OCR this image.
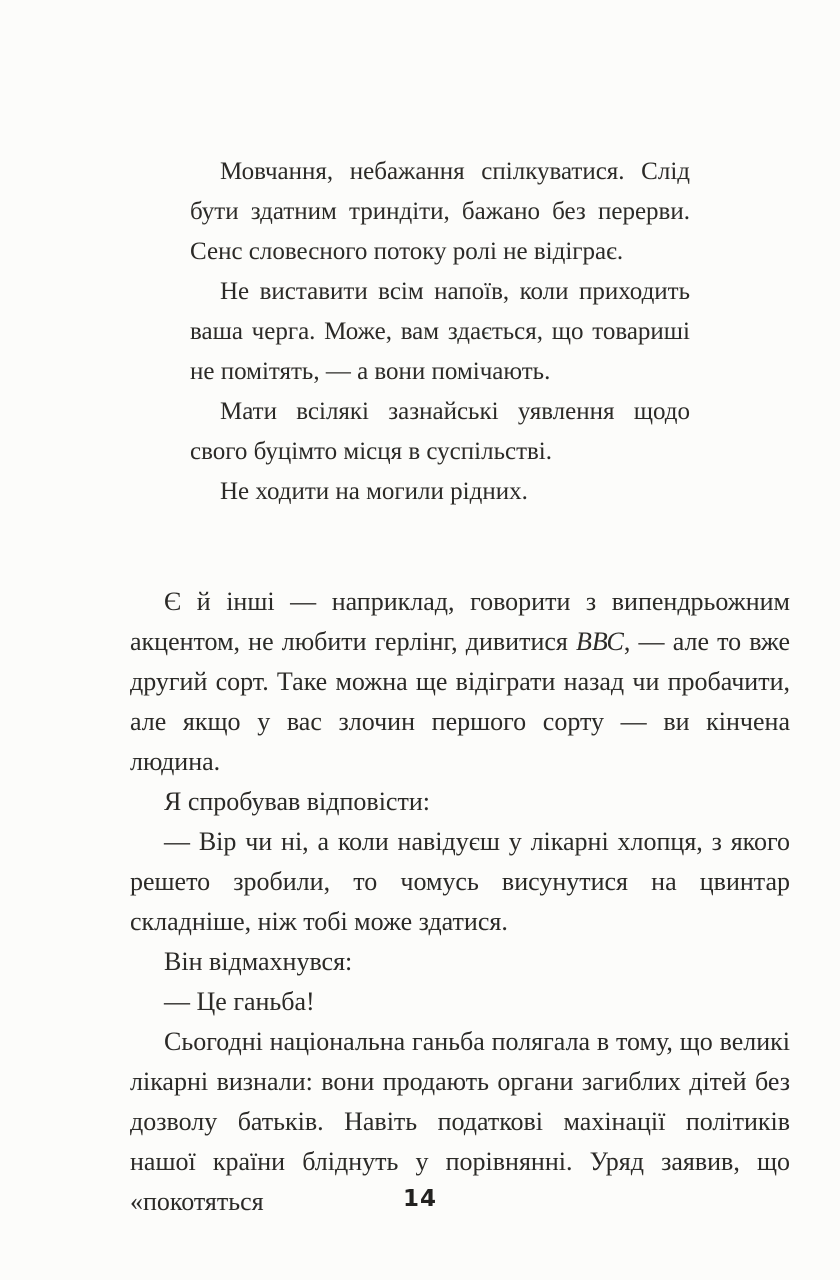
Мовчання, небажання спілкуватися. Слід бути здатним триндіти, бажано без перерви. Сенс словесного потоку ролі не відіграє.

Не виставити всім напоїв, коли приходить ваша черга. Може, вам здається, що товариші не помітять, — а вони помічають.

Мати всілякі зазнайські уявлення щодо свого буцімто місця в суспільстві.

Не ходити на могили рідних.

Є й інші — наприклад, говорити з випендрьожним акцентом, не любити герлінг, дивитися ВВС, — але то вже другий сорт. Таке можна ще відіграти назад чи пробачити, але якщо у вас злочин першого сорту — ви кінчена людина.

Я спробував відповісти:

— Вір чи ні, а коли навідуєш у лікарні хлопця, з якого решето зробили, то чомусь висунутися на цвинтар складніше, ніж тобі може здатися.

Він відмахнувся:

— Це ганьба!

Сьогодні національна ганьба полягала в тому, що великі лікарні визнали: вони продають органи загиблих дітей без дозволу батьків. Навіть податкові махінації політиків нашої країни бліднуть у порівнянні. Уряд заявив, що «покотяться	14
